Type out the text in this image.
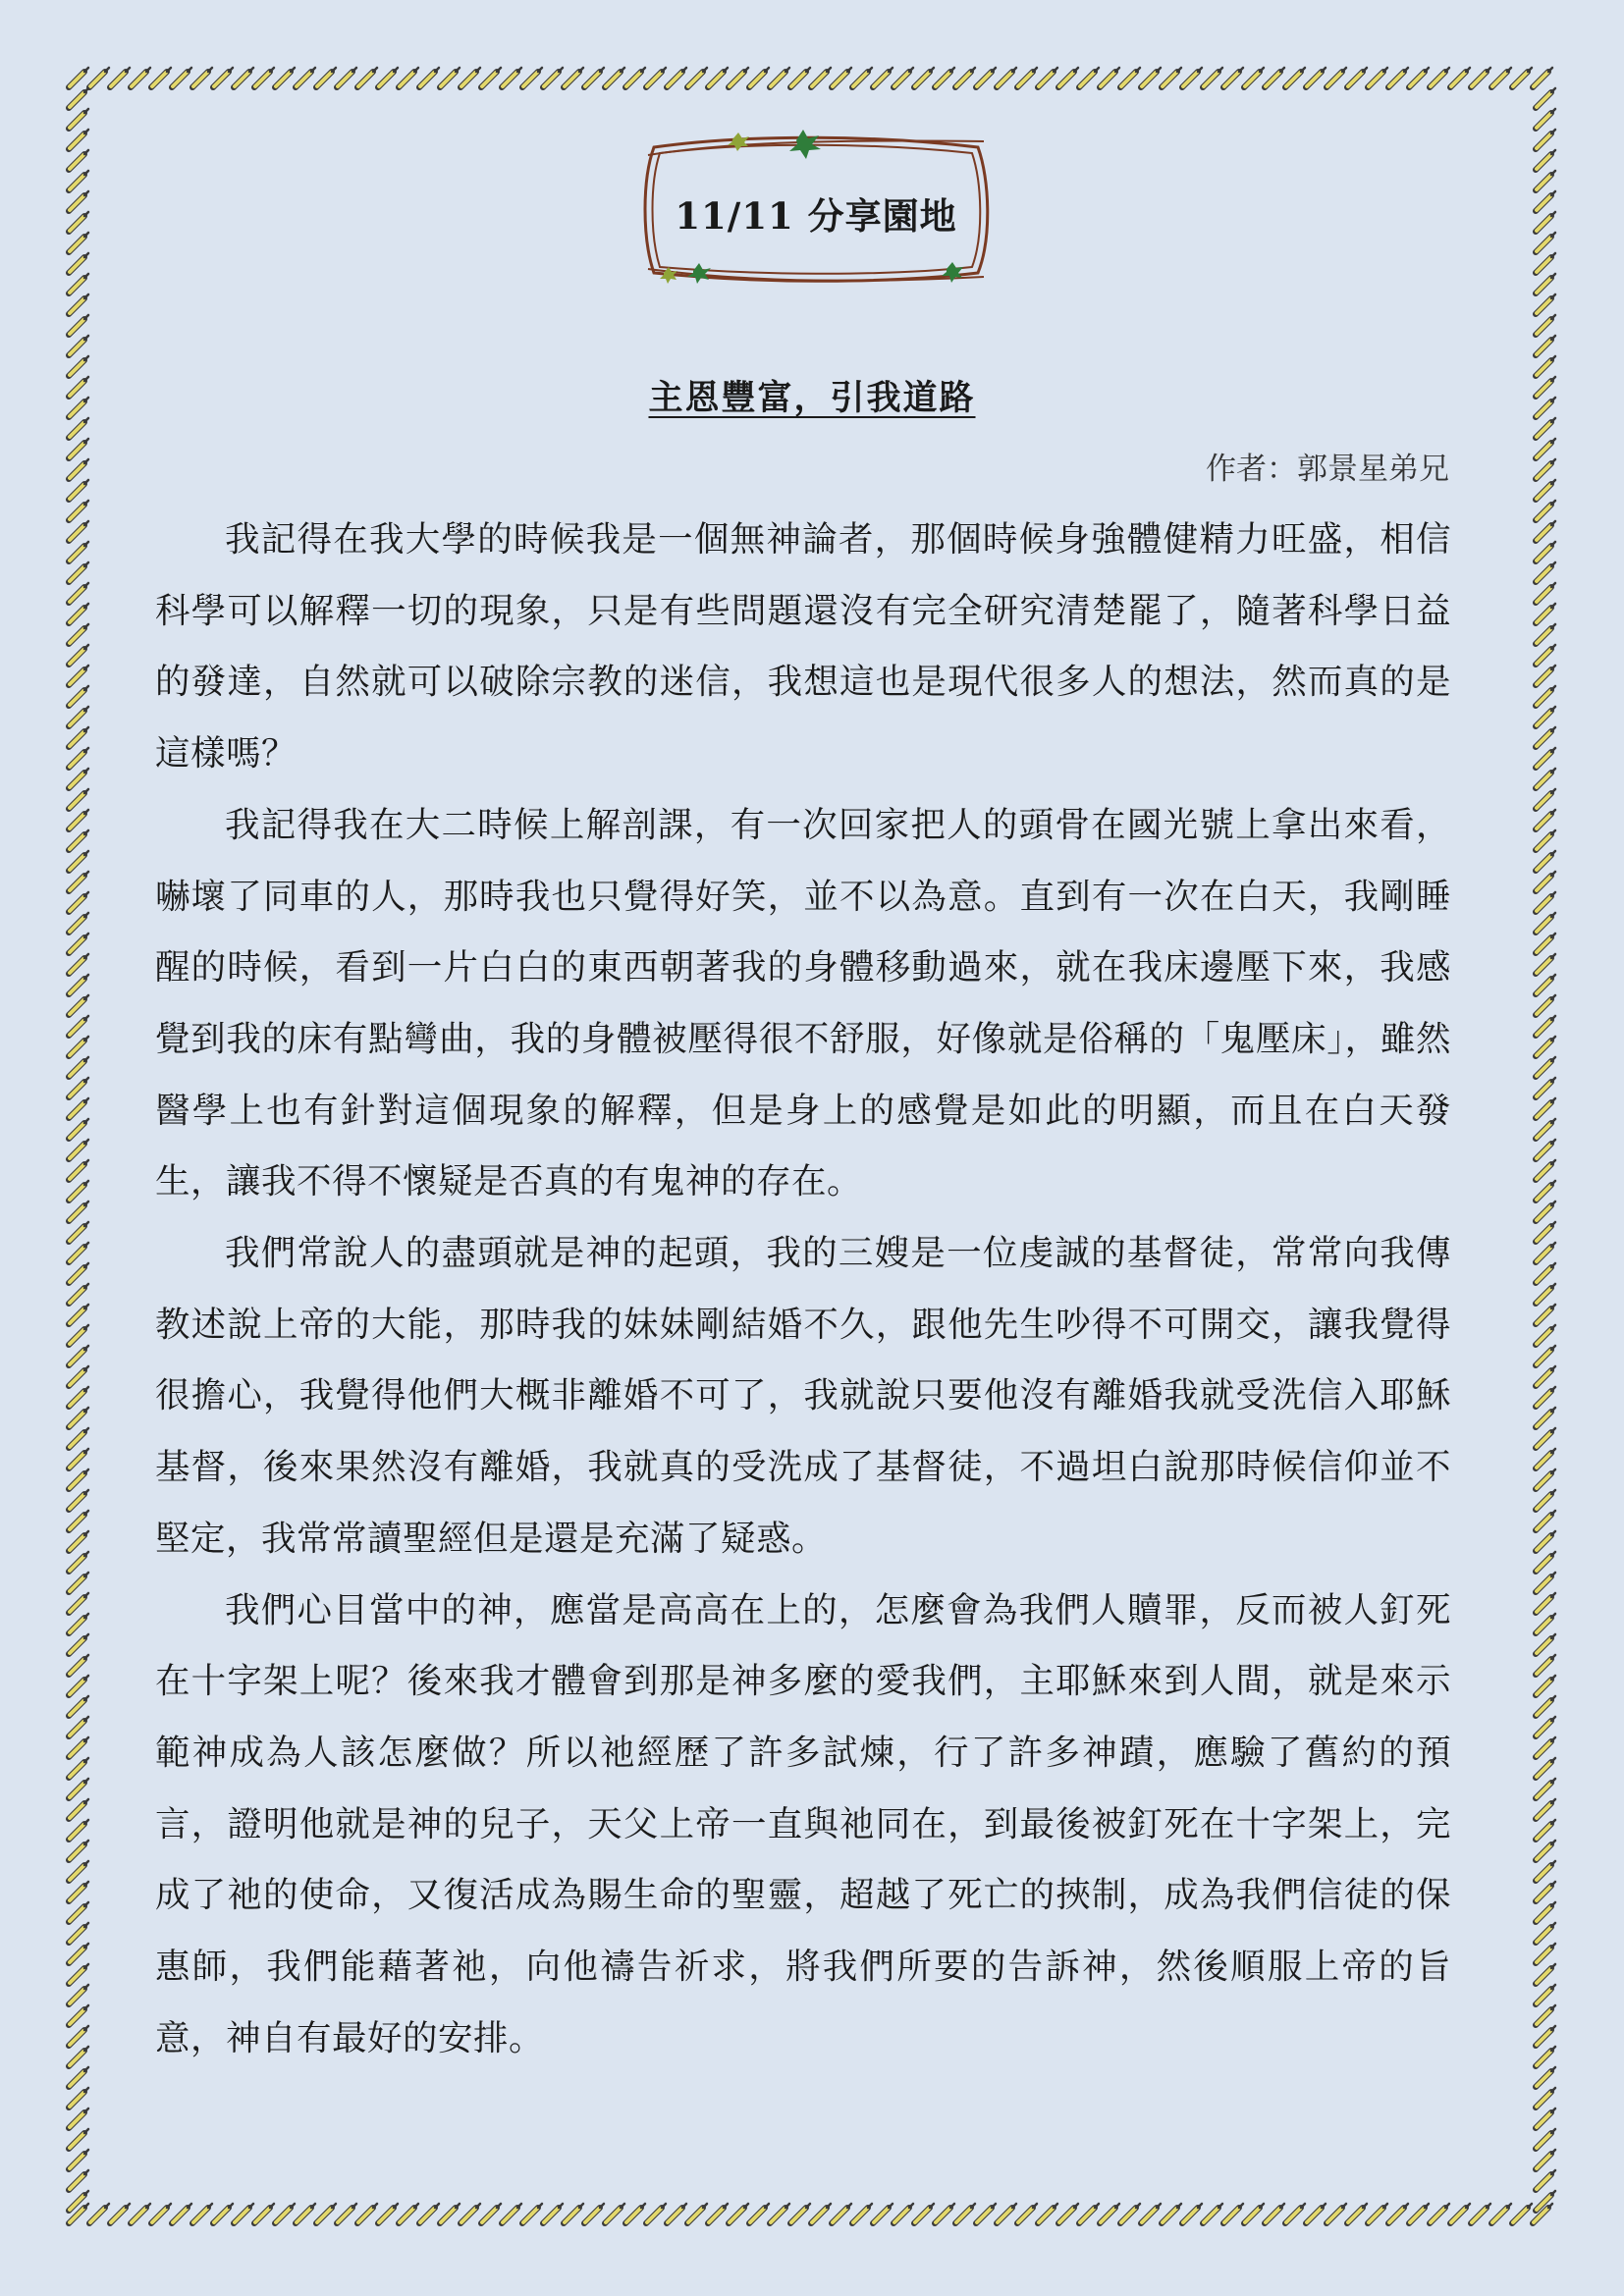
11/11 分享園地
主恩豐富，引我道路
作者：郭景星弟兄

我記得在我大學的時候我是一個無神論者，那個時候身強體健精力旺盛，相信科學可以解釋一切的現象，只是有些問題還沒有完全研究清楚罷了，隨著科學日益的發達，自然就可以破除宗教的迷信，我想這也是現代很多人的想法，然而真的是這樣嗎？

我記得我在大二時候上解剖課，有一次回家把人的頭骨在國光號上拿出來看，嚇壞了同車的人，那時我也只覺得好笑，並不以為意。直到有一次在白天，我剛睡醒的時候，看到一片白白的東西朝著我的身體移動過來，就在我床邊壓下來，我感覺到我的床有點彎曲，我的身體被壓得很不舒服，好像就是俗稱的「鬼壓床」，雖然醫學上也有針對這個現象的解釋，但是身上的感覺是如此的明顯，而且在白天發生，讓我不得不懷疑是否真的有鬼神的存在。

我們常說人的盡頭就是神的起頭，我的三嫂是一位虔誠的基督徒，常常向我傳教述說上帝的大能，那時我的妹妹剛結婚不久，跟他先生吵得不可開交，讓我覺得很擔心，我覺得他們大概非離婚不可了，我就說只要他沒有離婚我就受洗信入耶穌基督，後來果然沒有離婚，我就真的受洗成了基督徒，不過坦白說那時候信仰並不堅定，我常常讀聖經但是還是充滿了疑惑。

我們心目當中的神，應當是高高在上的，怎麼會為我們人贖罪，反而被人釘死在十字架上呢？後來我才體會到那是神多麼的愛我們，主耶穌來到人間，就是來示範神成為人該怎麼做？所以祂經歷了許多試煉，行了許多神蹟，應驗了舊約的預言，證明他就是神的兒子，天父上帝一直與祂同在，到最後被釘死在十字架上，完成了祂的使命，又復活成為賜生命的聖靈，超越了死亡的挾制，成為我們信徒的保惠師，我們能藉著祂，向他禱告祈求，將我們所要的告訴神，然後順服上帝的旨意，神自有最好的安排。
